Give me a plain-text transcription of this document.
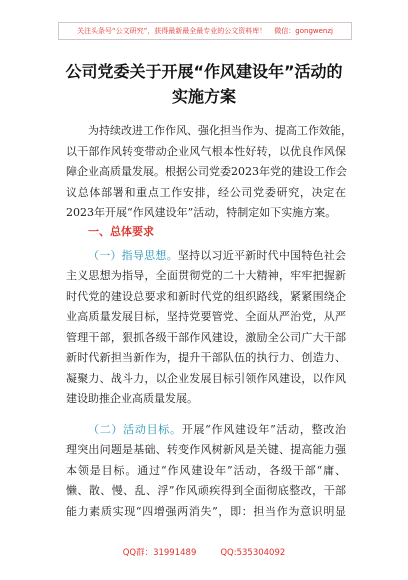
关注头条号“公文研究”，获得最新最全最专业的公文资料库！ 微信：gongwenzj
公司党委关于开展“作风建设年”活动的
实施方案
为持续改进工作作风、强化担当作为、提高工作效能，
以干部作风转变带动企业风气根本性好转，以优良作风保
障企业高质量发展。根据公司党委2023年党的建设工作会
议总体部署和重点工作安排，经公司党委研究，决定在
2023年开展“作风建设年”活动，特制定如下实施方案。
一、总体要求
（一）指导思想。坚持以习近平新时代中国特色社会
主义思想为指导，全面贯彻党的二十大精神，牢牢把握新
时代党的建设总要求和新时代党的组织路线，紧紧围绕企
业高质量发展目标，坚持党要管党、全面从严治党，从严
管理干部，狠抓各级干部作风建设，激励全公司广大干部
新时代新担当新作为，提升干部队伍的执行力、创造力、
凝聚力、战斗力，以企业发展目标引领作风建设，以作风
建设助推企业高质量发展。
（二）活动目标。开展“作风建设年”活动，整改治
理突出问题是基础、转变作风树新风是关键、提高能力强
本领是目标。通过“作风建设年”活动，各级干部“庸、
懒、散、慢、乱、浮”作风顽疾得到全面彻底整改，干部
能力素质实现“四增强两消失”，即：担当作为意识明显
QQ群：31991489	QQ:535304092
